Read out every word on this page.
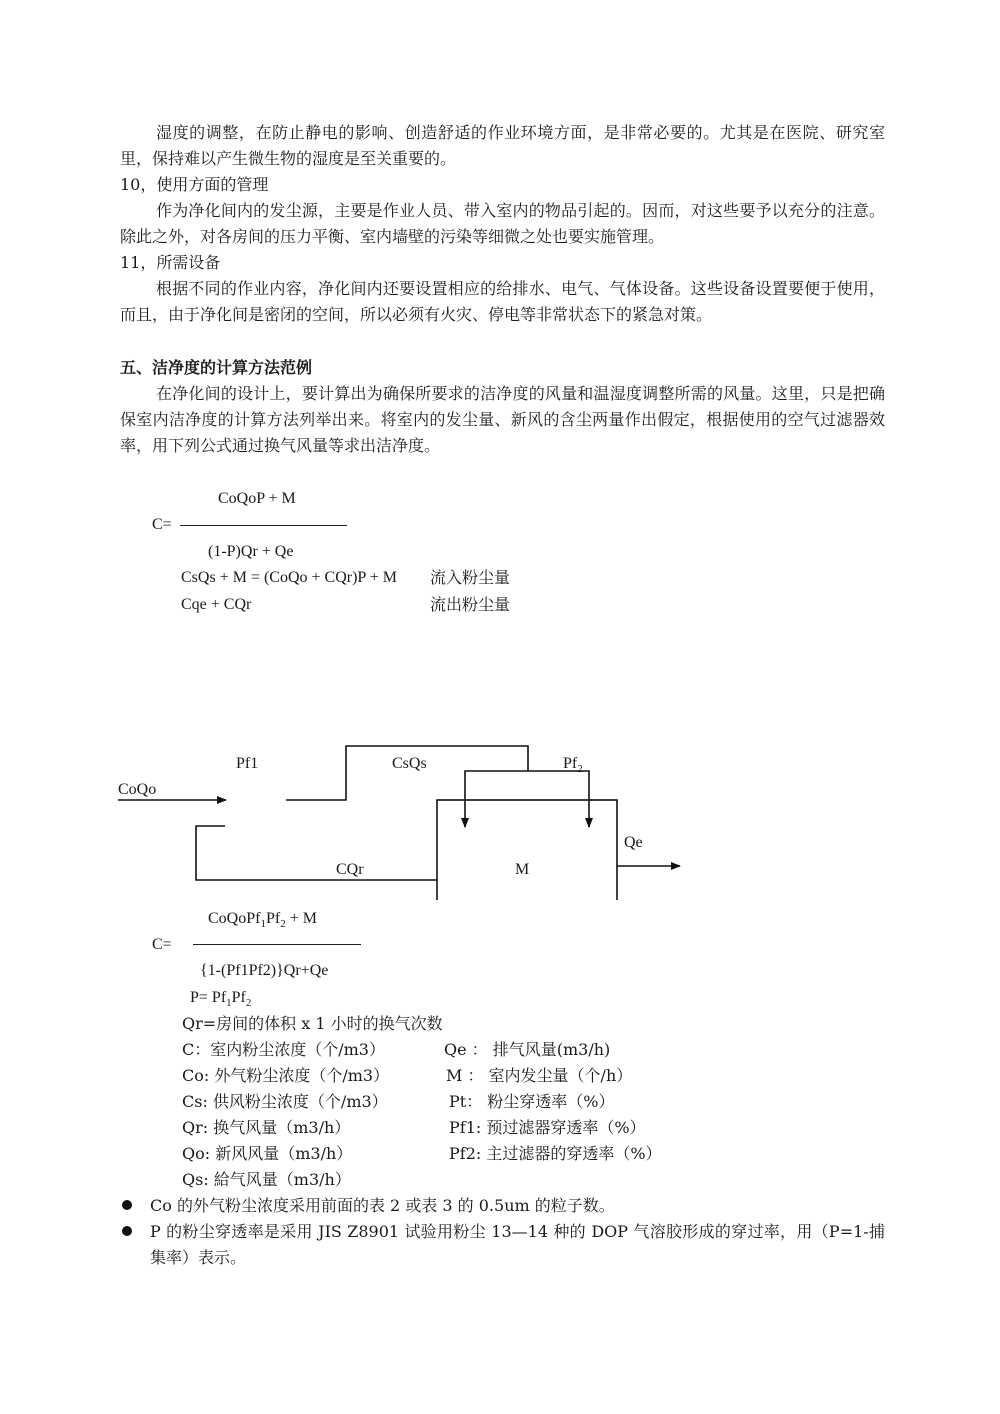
湿度的调整，在防止静电的影响、创造舒适的作业环境方面，是非常必要的。尤其是在医院、研究室里，保持难以产生微生物的湿度是至关重要的。
10，使用方面的管理
作为净化间内的发尘源，主要是作业人员、带入室内的物品引起的。因而，对这些要予以充分的注意。除此之外，对各房间的压力平衡、室内墙壁的污染等细微之处也要实施管理。
11，所需设备
根据不同的作业内容，净化间内还要设置相应的给排水、电气、气体设备。这些设备设置要便于使用，而且，由于净化间是密闭的空间，所以必须有火灾、停电等非常状态下的紧急对策。
五、洁净度的计算方法范例
在净化间的设计上，要计算出为确保所要求的洁净度的风量和温湿度调整所需的风量。这里，只是把确保室内洁净度的计算方法列举出来。将室内的发尘量、新风的含尘两量作出假定，根据使用的空气过滤器效率，用下列公式通过换气风量等求出洁净度。
CoQoP + M
C=
(1-P)Qr + Qe
CsQs + M = (CoQo + CQr)P + M 流入粉尘量
Cqe + CQr	流出粉尘量
CoQo
Pf1	CsQs	$Pf_2$
Qe
CQr	M
$CoQoPf_1Pf_2 + M$
C=
{1-(Pf1Pf2)}Qr+Qe
$P= Pf_1Pf_2$
Qr=房间的体积 x 1 小时的换气次数
C：室内粉尘浓度（个/m3）
Co: 外气粉尘浓度（个/m3）
Cs: 供风粉尘浓度（个/m3）
Qr: 换气风量（m3/h）
Qo: 新风风量（m3/h）
Qs: 給气风量（m3/h）
Qe ： 排气风量(m3/h)
M ： 室内发尘量（个/h）
Pt： 粉尘穿透率（%）
Pf1: 预过滤器穿透率（%）
Pf2: 主过滤器的穿透率（%）
Co 的外气粉尘浓度采用前面的表 2 或表 3 的 0.5um 的粒子数。
P 的粉尘穿透率是采用 JIS Z8901 试验用粉尘 13—14 种的 DOP 气溶胶形成的穿过率，用（P=1-捕集率）表示。
